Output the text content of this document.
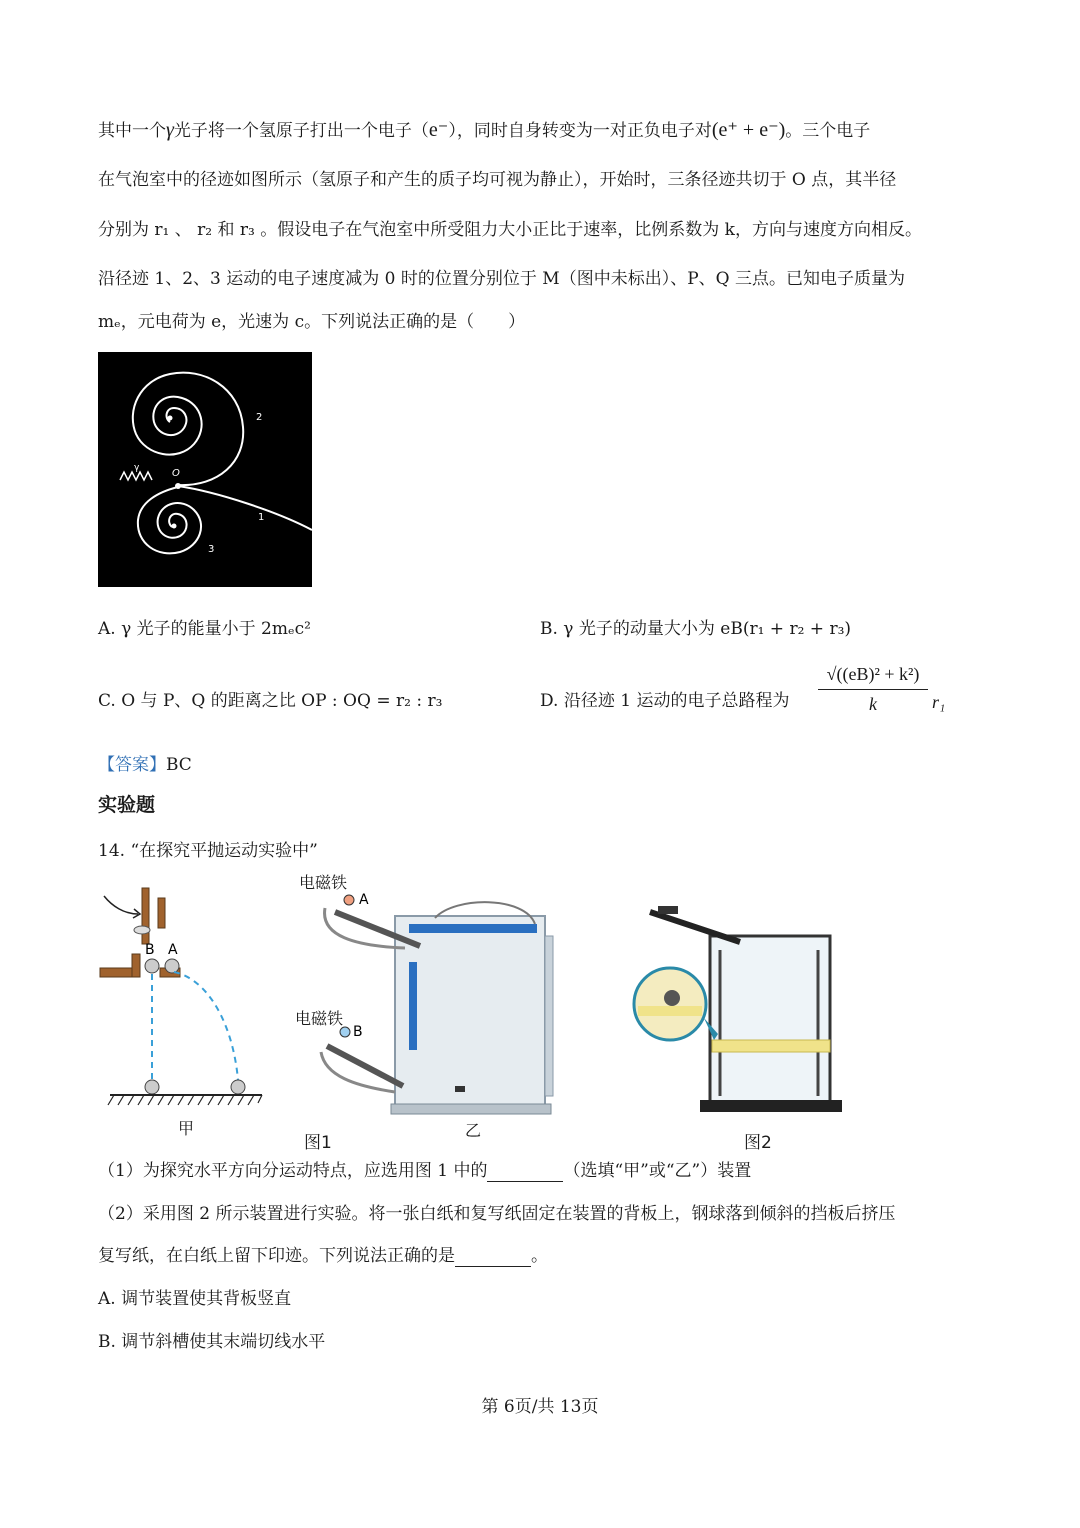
其中一个γ光子将一个氢原子打出一个电子（e⁻），同时自身转变为一对正负电子对(e⁺ + e⁻)。三个电子
在气泡室中的径迹如图所示（氢原子和产生的质子均可视为静止），开始时，三条径迹共切于 O 点，其半径
分别为 r₁ 、 r₂ 和 r₃ 。假设电子在气泡室中所受阻力大小正比于速率，比例系数为 k，方向与速度方向相反。
沿径迹 1、2、3 运动的电子速度减为 0 时的位置分别位于 M（图中未标出）、P、Q 三点。已知电子质量为
mₑ，元电荷为 e，光速为 c。下列说法正确的是（　　）
O
γ
2
1
3
A. γ 光子的能量小于 2mₑc²	B. γ 光子的动量大小为 eB(r₁ + r₂ + r₃)
C. O 与 P、Q 的距离之比 OP : OQ = r₂ : r₃	D. 沿径迹 1 运动的电子总路程为 $\frac{\text{√((eB)² + k²)}}{k} r_1$
【答案】BC
实验题
14. “在探究平抛运动实验中”
B A
甲
A
B
电磁铁
电磁铁
乙
图1	图2
（1）为探究水平方向分运动特点，应选用图 1 中的	（选填“甲”或“乙”）装置
（2）采用图 2 所示装置进行实验。将一张白纸和复写纸固定在装置的背板上，钢球落到倾斜的挡板后挤压
复写纸，在白纸上留下印迹。下列说法正确的是	。
A. 调节装置使其背板竖直
B. 调节斜槽使其末端切线水平
第 6页/共 13页
